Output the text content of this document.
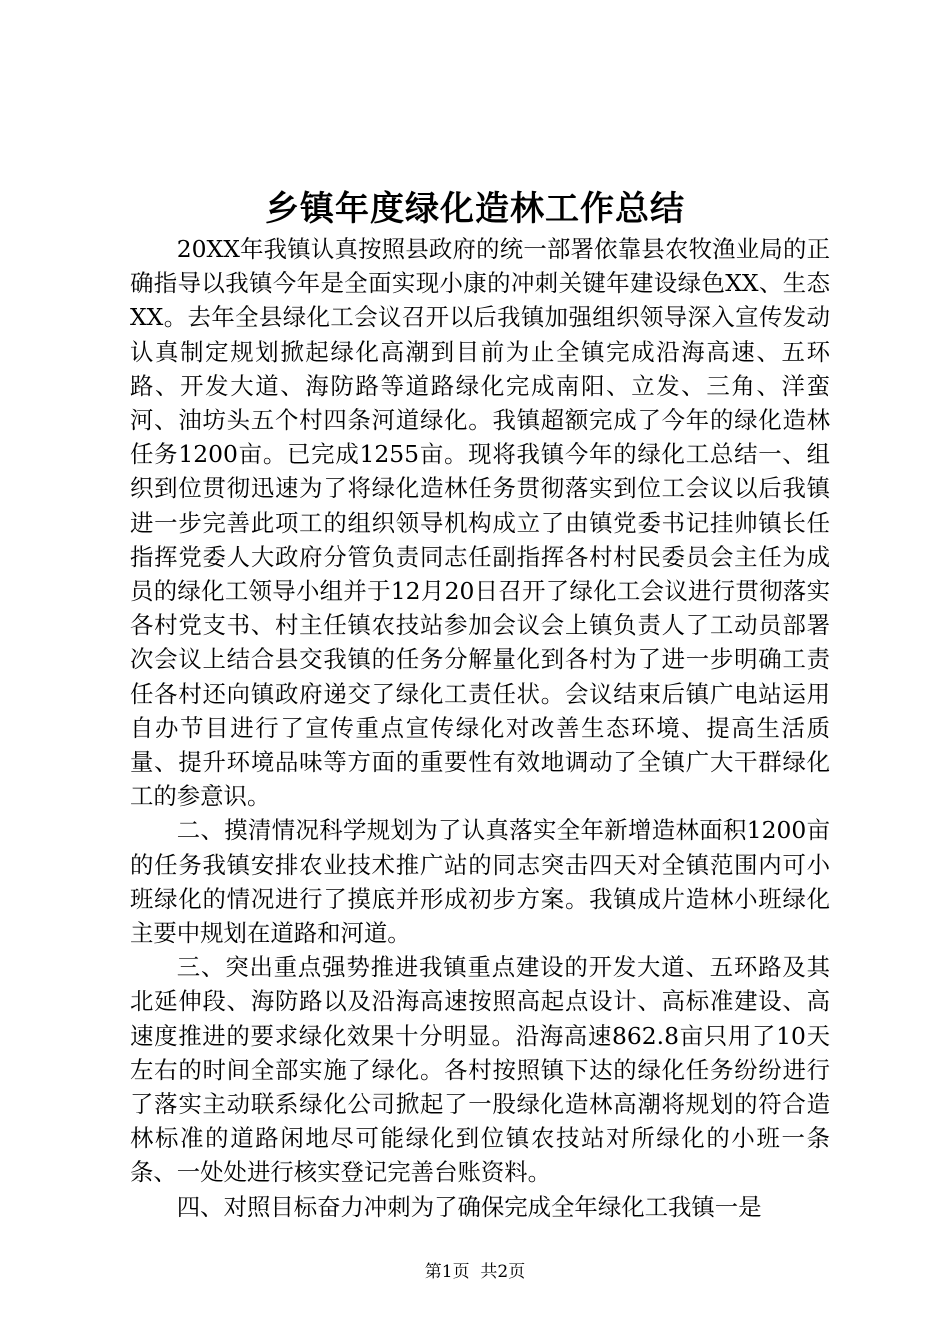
乡镇年度绿化造林工作总结

20XX年我镇认真按照县政府的统一部署依靠县农牧渔业局的正确指导以我镇今年是全面实现小康的冲刺关键年建设绿色XX、生态XX。去年全县绿化工会议召开以后我镇加强组织领导深入宣传发动认真制定规划掀起绿化高潮到目前为止全镇完成沿海高速、五环路、开发大道、海防路等道路绿化完成南阳、立发、三角、洋蛮河、油坊头五个村四条河道绿化。我镇超额完成了今年的绿化造林任务1200亩。已完成1255亩。现将我镇今年的绿化工总结一、组织到位贯彻迅速为了将绿化造林任务贯彻落实到位工会议以后我镇进一步完善此项工的组织领导机构成立了由镇党委书记挂帅镇长任指挥党委人大政府分管负责同志任副指挥各村村民委员会主任为成员的绿化工领导小组并于12月20日召开了绿化工会议进行贯彻落实各村党支书、村主任镇农技站参加会议会上镇负责人了工动员部署次会议上结合县交我镇的任务分解量化到各村为了进一步明确工责任各村还向镇政府递交了绿化工责任状。会议结束后镇广电站运用自办节目进行了宣传重点宣传绿化对改善生态环境、提高生活质量、提升环境品味等方面的重要性有效地调动了全镇广大干群绿化工的参意识。

二、摸清情况科学规划为了认真落实全年新增造林面积1200亩的任务我镇安排农业技术推广站的同志突击四天对全镇范围内可小班绿化的情况进行了摸底并形成初步方案。我镇成片造林小班绿化主要中规划在道路和河道。

三、突出重点强势推进我镇重点建设的开发大道、五环路及其北延伸段、海防路以及沿海高速按照高起点设计、高标准建设、高速度推进的要求绿化效果十分明显。沿海高速862.8亩只用了10天左右的时间全部实施了绿化。各村按照镇下达的绿化任务纷纷进行了落实主动联系绿化公司掀起了一股绿化造林高潮将规划的符合造林标准的道路闲地尽可能绿化到位镇农技站对所绿化的小班一条条、一处处进行核实登记完善台账资料。

四、对照目标奋力冲刺为了确保完成全年绿化工我镇一是

第1页  共2页
